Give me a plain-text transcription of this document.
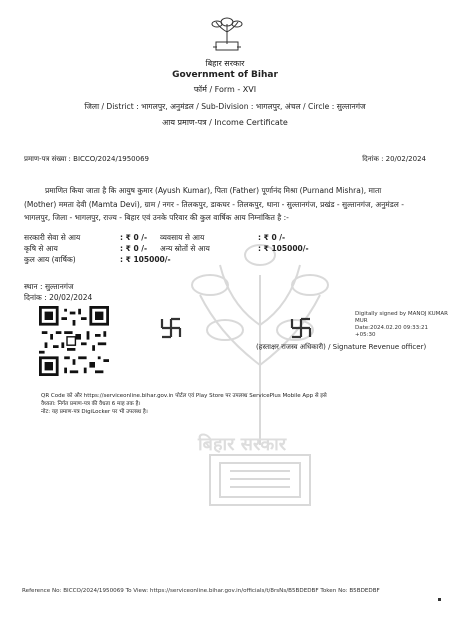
बिहार सरकार
Government of Bihar
फॉर्म / Form - XVI
जिला / District : भागलपुर, अनुमंडल / Sub-Division : भागलपुर, अंचल / Circle : सुल्तानगंज
आय प्रमाण-पत्र / Income Certificate
प्रमाण-पत्र संख्या : BICCO/2024/1950069	दिनांक : 20/02/2024
प्रमाणित किया जाता है कि आयुष कुमार (Ayush Kumar), पिता (Father) पूर्णानंद मिश्रा (Purnand Mishra), माता
(Mother) ममता देवी (Mamta Devi), ग्राम / नगर - तिलकपुर, डाकघर - तिलकपुर, थाना - सुल्तानगंज, प्रखंड - सुल्तानगंज, अनुमंडल -
भागलपुर, जिला - भागलपुर, राज्य - बिहार एवं उनके परिवार की कुल वार्षिक आय निम्नांकित है :-
सरकारी सेवा से आय	: ₹ 0 /- व्यवसाय से आय	: ₹ 0 /-
कृषि से आय	: ₹ 0 /- अन्य स्रोतों से आय	: ₹ 105000/-
कुल आय (वार्षिक)	: ₹ 105000/-
स्थान : सुल्तानगंज
दिनांक : 20/02/2024
Digitally signed by MANOJ KUMAR MUR
Date:2024.02.20 09:33:21 +05:30
(हस्ताक्षर राजस्व अधिकारी) / Signature Revenue officer)
QR Code को और https://serviceonline.bihar.gov.in पोर्टल एवं Play Store पर उपलब्ध ServicePlus Mobile App से इसे
वैध्यता: निर्गत प्रमाण-पत्र की वैधता 6 माह तक है।
नोट: यह प्रमाण-पत्र DigiLocker पर भी उपलब्ध है।
बिहार सरकार
Reference No: BICCO/2024/1950069 To View: https://serviceonline.bihar.gov.in/officials/t/8rsNs/B5BDEDBF Token No: B5BDEDBF
